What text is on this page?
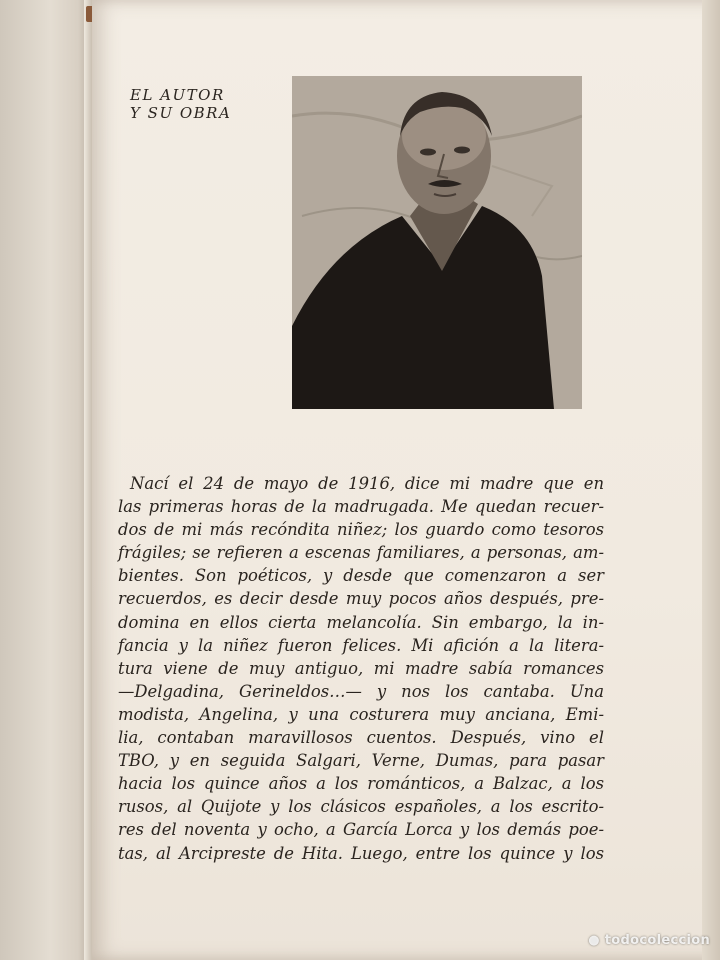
EL AUTOR
Y SU OBRA
Nací el 24 de mayo de 1916, dice mi madre que en
las primeras horas de la madrugada. Me quedan recuer-
dos de mi más recóndita niñez; los guardo como tesoros
frágiles; se refieren a escenas familiares, a personas, am-
bientes. Son poéticos, y desde que comenzaron a ser
recuerdos, es decir desde muy pocos años después, pre-
domina en ellos cierta melancolía. Sin embargo, la in-
fancia y la niñez fueron felices. Mi afición a la litera-
tura viene de muy antiguo, mi madre sabía romances
—Delgadina, Gerineldos…— y nos los cantaba. Una
modista, Angelina, y una costurera muy anciana, Emi-
lia, contaban maravillosos cuentos. Después, vino el
TBO, y en seguida Salgari, Verne, Dumas, para pasar
hacia los quince años a los románticos, a Balzac, a los
rusos, al Quijote y los clásicos españoles, a los escrito-
res del noventa y ocho, a García Lorca y los demás poe-
tas, al Arcipreste de Hita. Luego, entre los quince y los
● todocoleccion
